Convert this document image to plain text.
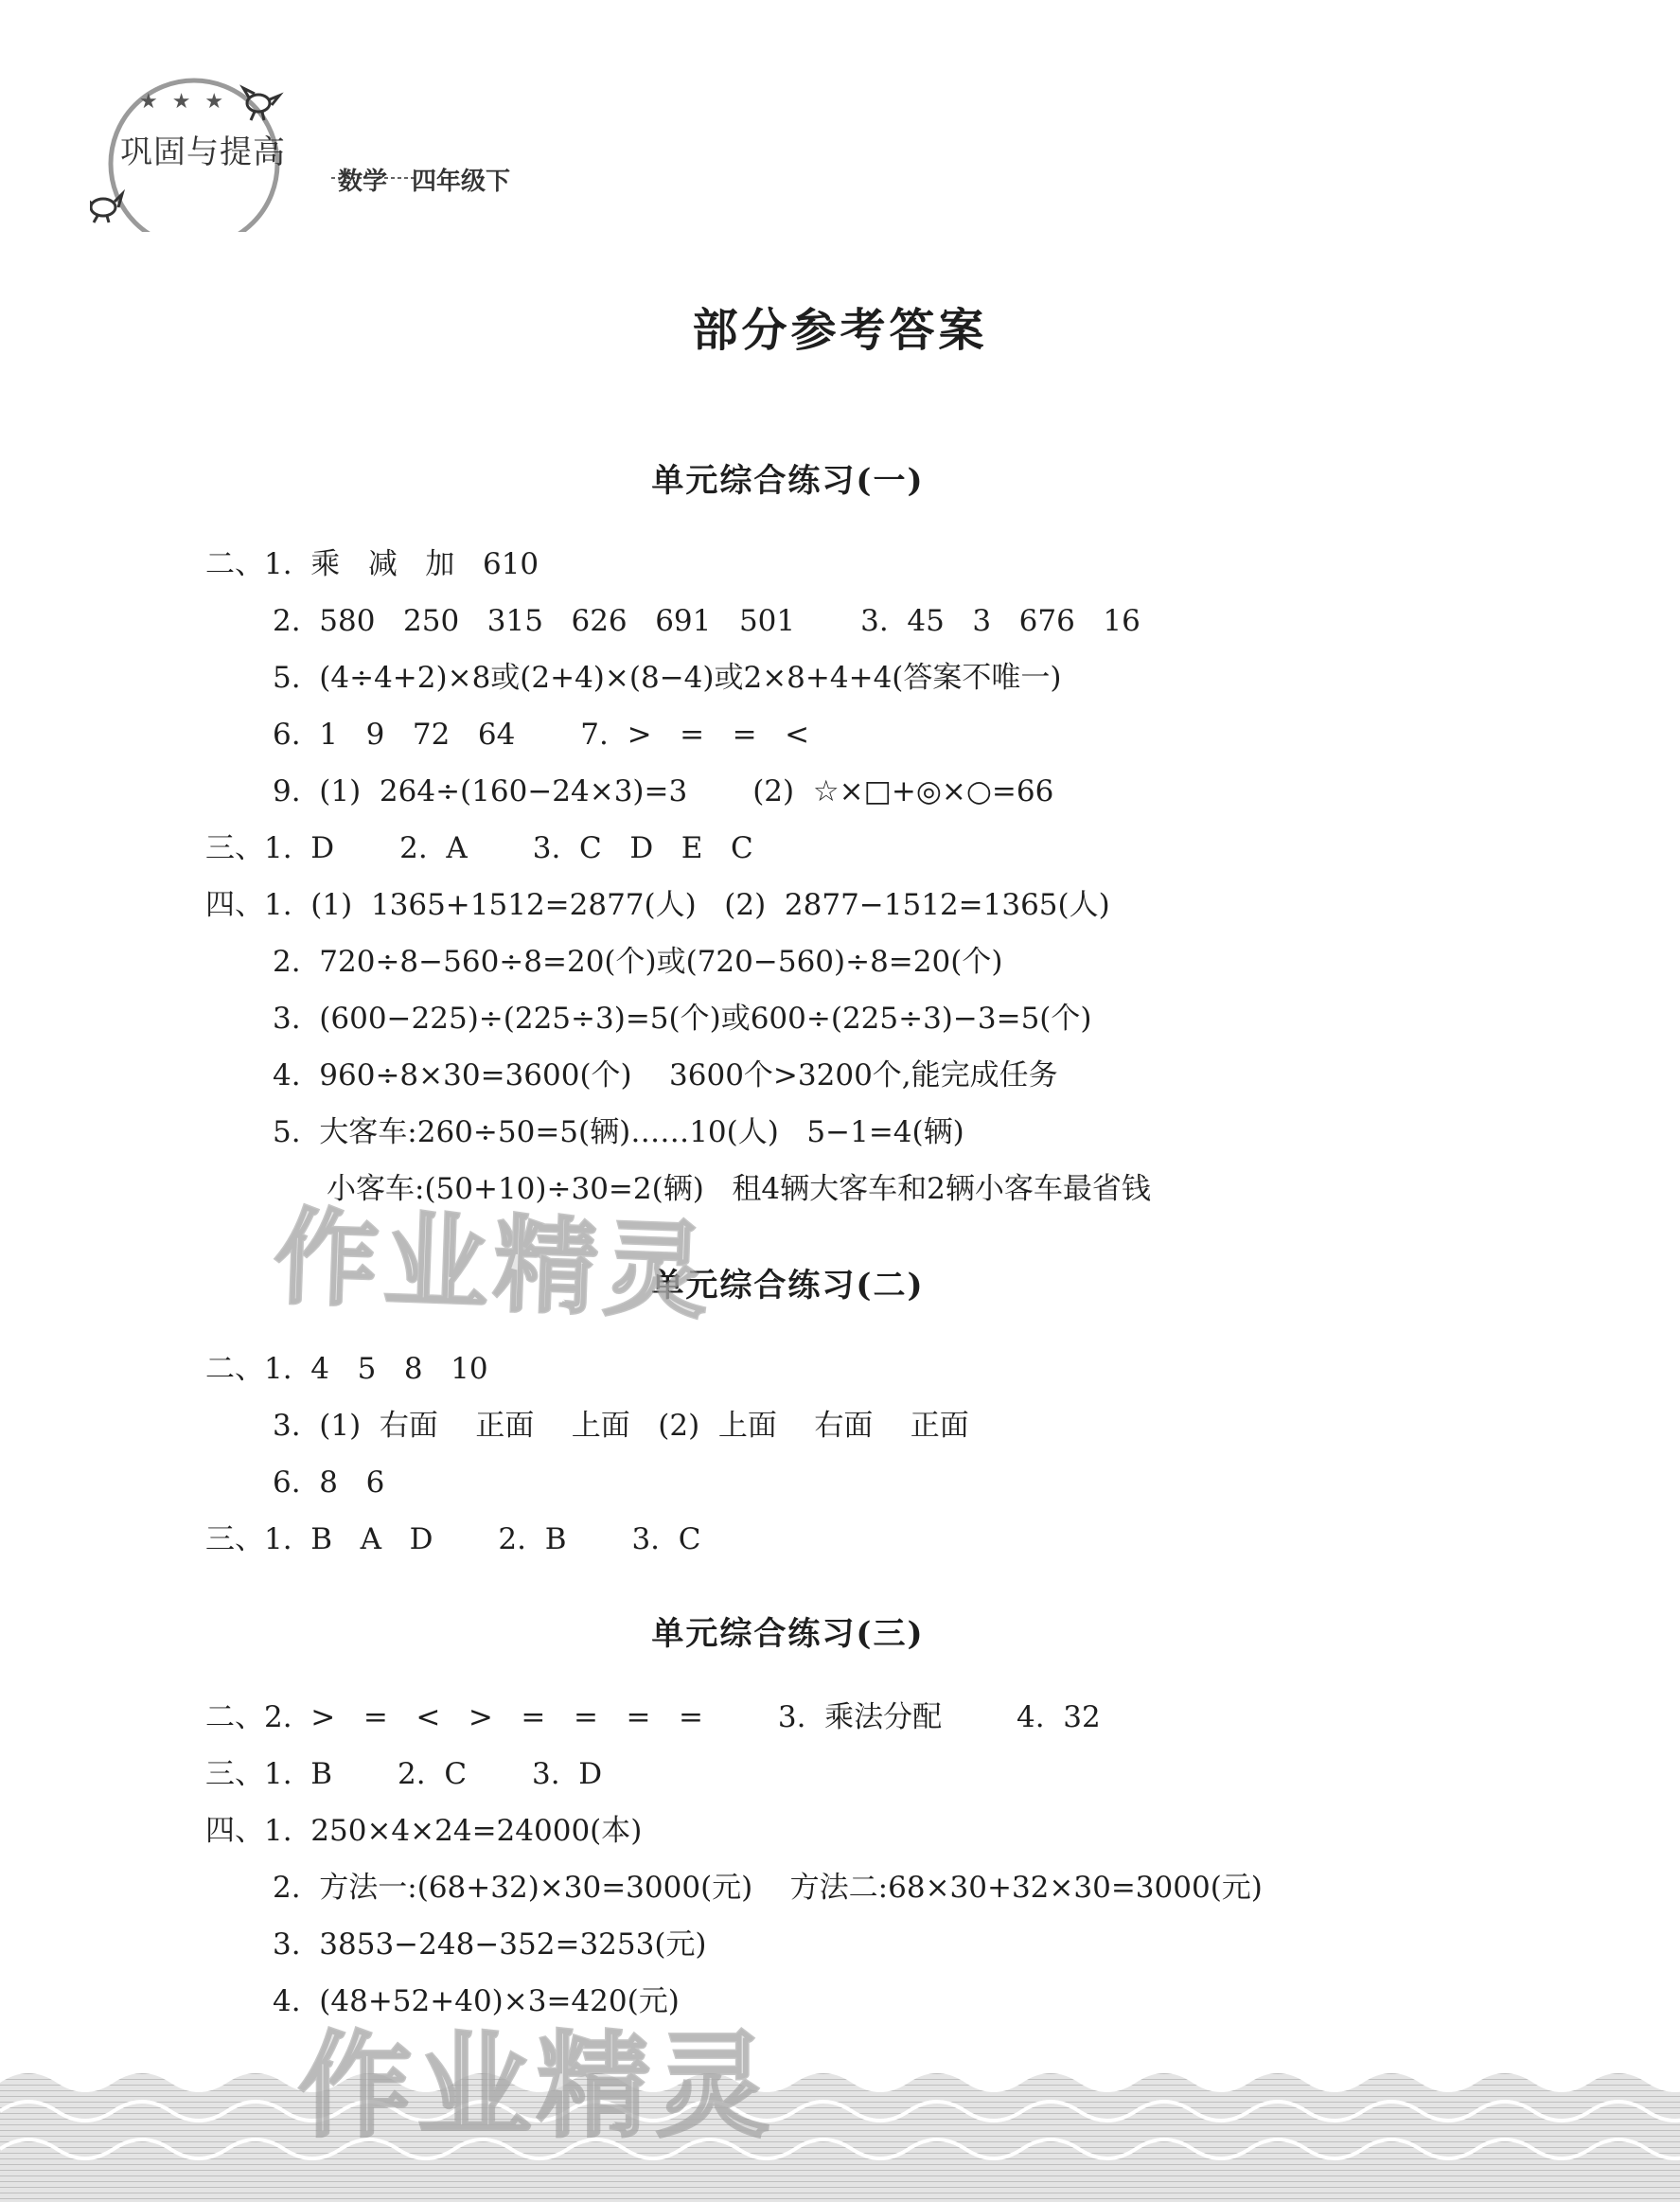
★ ★ ★
巩固与提高
数学　四年级下
部分参考答案
单元综合练习(一)
二、1.  乘   减   加   610
2.  580   250   315   626   691   501       3.  45   3   676   16
5.  (4÷4+2)×8或(2+4)×(8−4)或2×8+4+4(答案不唯一)
6.  1   9   72   64       7.  >   =   =   <
9.  (1)  264÷(160−24×3)=3       (2)  ☆×□+◎×○=66
三、1.  D       2.  A       3.  C   D   E   C
四、1.  (1)  1365+1512=2877(人)   (2)  2877−1512=1365(人)
2.  720÷8−560÷8=20(个)或(720−560)÷8=20(个)
3.  (600−225)÷(225÷3)=5(个)或600÷(225÷3)−3=5(个)
4.  960÷8×30=3600(个)    3600个>3200个,能完成任务
5.  大客车:260÷50=5(辆)……10(人)   5−1=4(辆)
小客车:(50+10)÷30=2(辆)   租4辆大客车和2辆小客车最省钱
单元综合练习(二)
二、1.  4   5   8   10
3.  (1)  右面    正面    上面   (2)  上面    右面    正面
6.  8   6
三、1.  B   A   D       2.  B       3.  C
单元综合练习(三)
二、2.  >   =   <   >   =   =   =   =        3.  乘法分配        4.  32
三、1.  B       2.  C       3.  D
四、1.  250×4×24=24000(本)
2.  方法一:(68+32)×30=3000(元)    方法二:68×30+32×30=3000(元)
3.  3853−248−352=3253(元)
4.  (48+52+40)×3=420(元)
作业精灵
作业精灵
